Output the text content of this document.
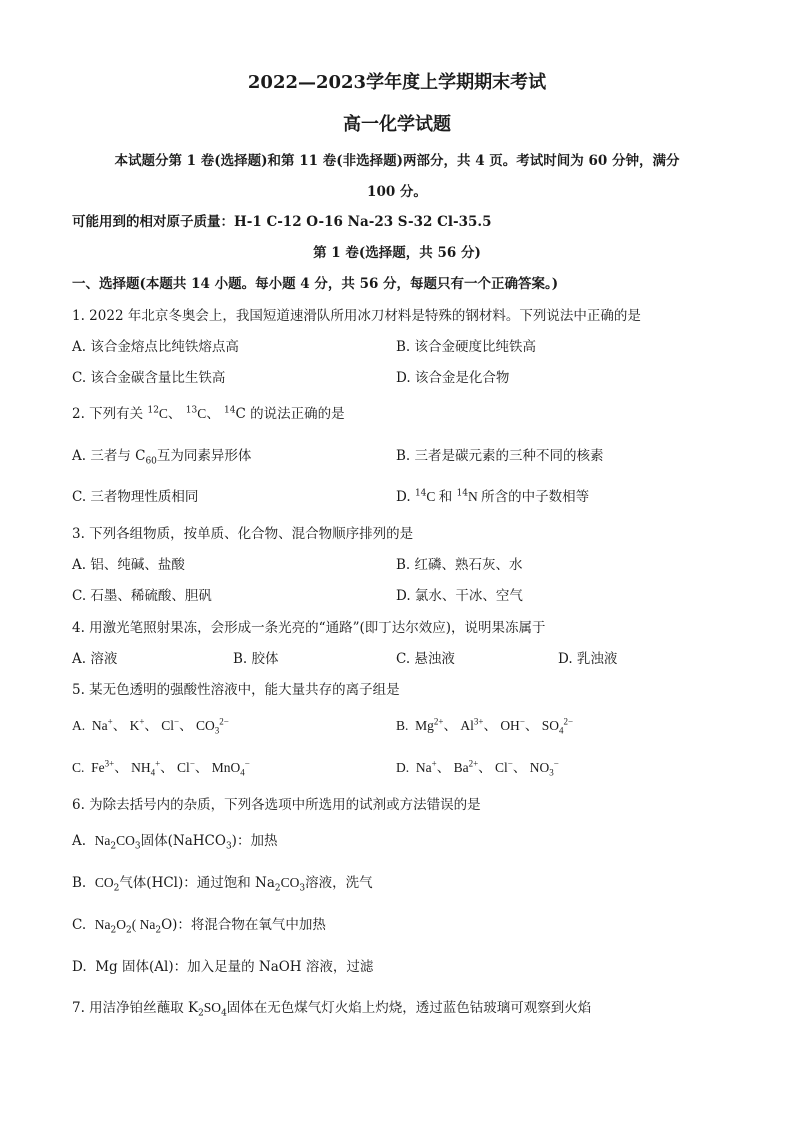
2022—2023学年度上学期期末考试
高一化学试题
本试题分第 1 卷(选择题)和第 11 卷(非选择题)两部分，共 4 页。考试时间为 60 分钟，满分
100 分。
可能用到的相对原子质量：H-1 C-12 O-16 Na-23 S-32 Cl-35.5
第 1 卷(选择题，共 56 分)
一、选择题(本题共 14 小题。每小题 4 分，共 56 分，每题只有一个正确答案。)
1. 2022 年北京冬奥会上，我国短道速滑队所用冰刀材料是特殊的钢材料。下列说法中正确的是
A. 该合金熔点比纯铁熔点高	B. 该合金硬度比纯铁高
C. 该合金碳含量比生铁高	D. 该合金是化合物
2. 下列有关 $^{12}$C、 $^{13}$C、 $^{14}$C 的说法正确的是
A. 三者与 $C_{60}$互为同素异形体	B. 三者是碳元素的三种不同的核素
C. 三者物理性质相同	D. $^{14}$C 和 $^{14}$N 所含的中子数相等
3. 下列各组物质，按单质、化合物、混合物顺序排列的是
A. 铝、纯碱、盐酸	B. 红磷、熟石灰、水
C. 石墨、稀硫酸、胆矾	D. 氯水、干冰、空气
4. 用激光笔照射果冻，会形成一条光亮的“通路”(即丁达尔效应)，说明果冻属于
A. 溶液	B. 胶体	C. 悬浊液	D. 乳浊液
5. 某无色透明的强酸性溶液中，能大量共存的离子组是
A. Na+、 K+、 Cl−、 $CO_3^{2-}$	B. $Mg^{2+}$、 $Al^{3+}$、 OH−、 $SO_4^{2-}$
C. $Fe^{3+}$、 $NH_4^+$、 Cl−、 MnO$_4$−	D. Na+、 $Ba^{2+}$、 Cl−、 $NO_3^-$
6. 为除去括号内的杂质，下列各选项中所选用的试剂或方法错误的是
A. $Na_2CO_3$固体(NaHCO$_3$)：加热
B. $CO_2$气体(HCl)：通过饱和 $Na_2CO_3$溶液，洗气
C. $Na_2O_2$( $Na_2O$)：将混合物在氧气中加热
D. Mg 固体(Al)：加入足量的 NaOH 溶液，过滤
7. 用洁净铂丝蘸取 $K_2SO_4$固体在无色煤气灯火焰上灼烧，透过蓝色钴玻璃可观察到火焰
